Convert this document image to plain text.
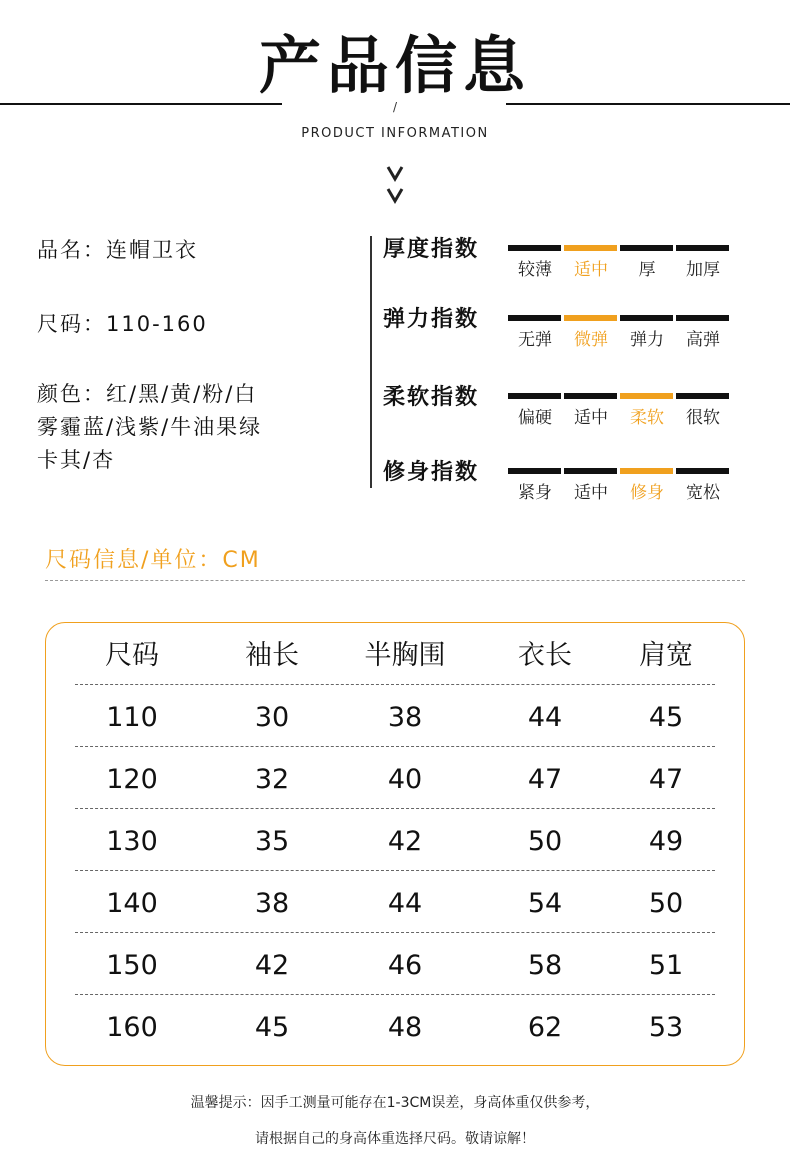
产品信息
/
PRODUCT INFORMATION
品名：连帽卫衣
尺码：110-160
颜色：红/黑/黄/粉/白
雾霾蓝/浅紫/牛油果绿
卡其/杏
厚度指数
较薄	适中	厚	加厚
弹力指数
无弹	微弹	弹力	高弹
柔软指数
偏硬	适中	柔软	很软
修身指数
紧身	适中	修身	宽松
尺码信息/单位：CM
尺码	袖长	半胸围	衣长	肩宽
110	30	38	44	45
120	32	40	47	47
130	35	42	50	49
140	38	44	54	50
150	42	46	58	51
160	45	48	62	53
温馨提示：因手工测量可能存在1-3CM误差，身高体重仅供参考，
请根据自己的身高体重选择尺码。敬请谅解！
